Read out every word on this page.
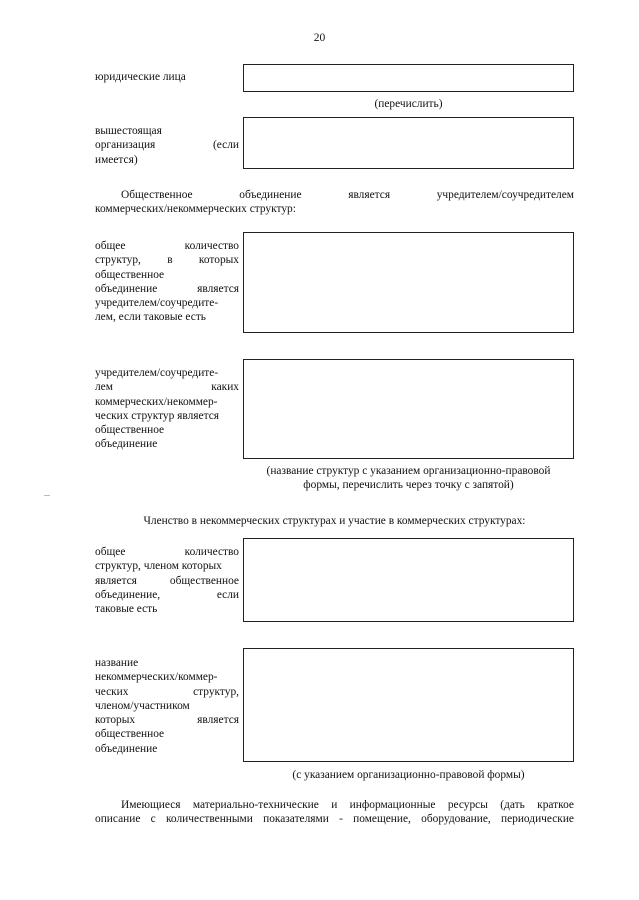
20
юридические лица
(перечислить)
вышестоящая
организация (если
имеется)
Общественное объединение является учредителем/соучредителем
коммерческих/некоммерческих структур:
общее количество
структур, в которых
общественное
объединение является
учредителем/соучредите-
лем, если таковые есть
учредителем/соучредите-
лем каких
коммерческих/некоммер-
ческих структур является
общественное
объединение
(название структур с указанием организационно-правовой
формы, перечислить через точку с запятой)
Членство в некоммерческих структурах и участие в коммерческих структурах:
общее количество
структур, членом которых
является общественное
объединение, если
таковые есть
название
некоммерческих/коммер-
ческих структур,
членом/участником
которых является
общественное
объединение
(с указанием организационно-правовой формы)
Имеющиеся материально-технические и информационные ресурсы (дать краткое
описание с количественными показателями - помещение, оборудование, периодические
